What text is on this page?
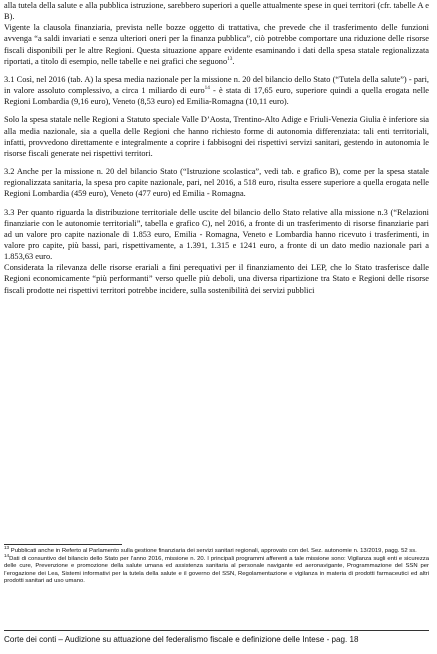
alla tutela della salute e alla pubblica istruzione, sarebbero superiori a quelle attualmente spese in quei territori (cfr. tabelle A e B).

Vigente la clausola finanziaria, prevista nelle bozze oggetto di trattativa, che prevede che il trasferimento delle funzioni avvenga “a saldi invariati e senza ulteriori oneri per la finanza pubblica”, ciò potrebbe comportare una riduzione delle risorse fiscali disponibili per le altre Regioni. Questa situazione appare evidente esaminando i dati della spesa statale regionalizzata riportati, a titolo di esempio, nelle tabelle e nei grafici che seguono$^{13}$.

3.1 Così, nel 2016 (tab. A) la spesa media nazionale per la missione n. 20 del bilancio dello Stato (“Tutela della salute”) - pari, in valore assoluto complessivo, a circa 1 miliardo di euro$^{14}$ - è stata di 17,65 euro, superiore quindi a quella erogata nelle Regioni Lombardia (9,16 euro), Veneto (8,53 euro) ed Emilia-Romagna (10,11 euro).

Solo la spesa statale nelle Regioni a Statuto speciale Valle D’Aosta, Trentino-Alto Adige e Friuli-Venezia Giulia è inferiore sia alla media nazionale, sia a quella delle Regioni che hanno richiesto forme di autonomia differenziata: tali enti territoriali, infatti, provvedono direttamente e integralmente a coprire i fabbisogni dei rispettivi servizi sanitari, gestendo in autonomia le risorse fiscali generate nei rispettivi territori.

3.2 Anche per la missione n. 20 del bilancio Stato (“Istruzione scolastica”, vedi tab. e grafico B), come per la spesa statale regionalizzata sanitaria, la spesa pro capite nazionale, pari, nel 2016, a 518 euro, risulta essere superiore a quella erogata nelle Regioni Lombardia (459 euro), Veneto (477 euro) ed Emilia - Romagna.

3.3 Per quanto riguarda la distribuzione territoriale delle uscite del bilancio dello Stato relative alla missione n.3 (“Relazioni finanziarie con le autonomie territoriali”, tabella e grafico C), nel 2016, a fronte di un trasferimento di risorse finanziarie pari ad un valore pro capite nazionale di 1.853 euro, Emilia - Romagna, Veneto e Lombardia hanno ricevuto i trasferimenti, in valore pro capite, più bassi, pari, rispettivamente, a 1.391, 1.315 e 1241 euro, a fronte di un dato medio nazionale pari a 1.853,63 euro.

Considerata la rilevanza delle risorse erariali a fini perequativi per il finanziamento dei LEP, che lo Stato trasferisce dalle Regioni economicamente “più performanti” verso quelle più deboli, una diversa ripartizione tra Stato e Regioni delle risorse fiscali prodotte nei rispettivi territori potrebbe incidere, sulla sostenibilità dei servizi pubblici

$^{13}$ Pubblicati anche in Referto al Parlamento sulla gestione finanziaria dei servizi sanitari regionali, approvato con del. Sez. autonomie n. 13/2019, pagg. 52 ss.

$^{14}$Dati di consuntivo del bilancio dello Stato per l’anno 2016, missione n. 20. I principali programmi afferenti a tale missione sono: Vigilanza sugli enti e sicurezza delle cure, Prevenzione e promozione della salute umana ed assistenza sanitaria al personale navigante ed aeronavigante, Programmazione del SSN per l’erogazione dei Lea, Sistemi informativi per la tutela della salute e il governo del SSN, Regolamentazione e vigilanza in materia di prodotti farmaceutici ed altri prodotti sanitari ad uso umano.

Corte dei conti – Audizione su attuazione del federalismo fiscale e definizione delle Intese - pag. 18
